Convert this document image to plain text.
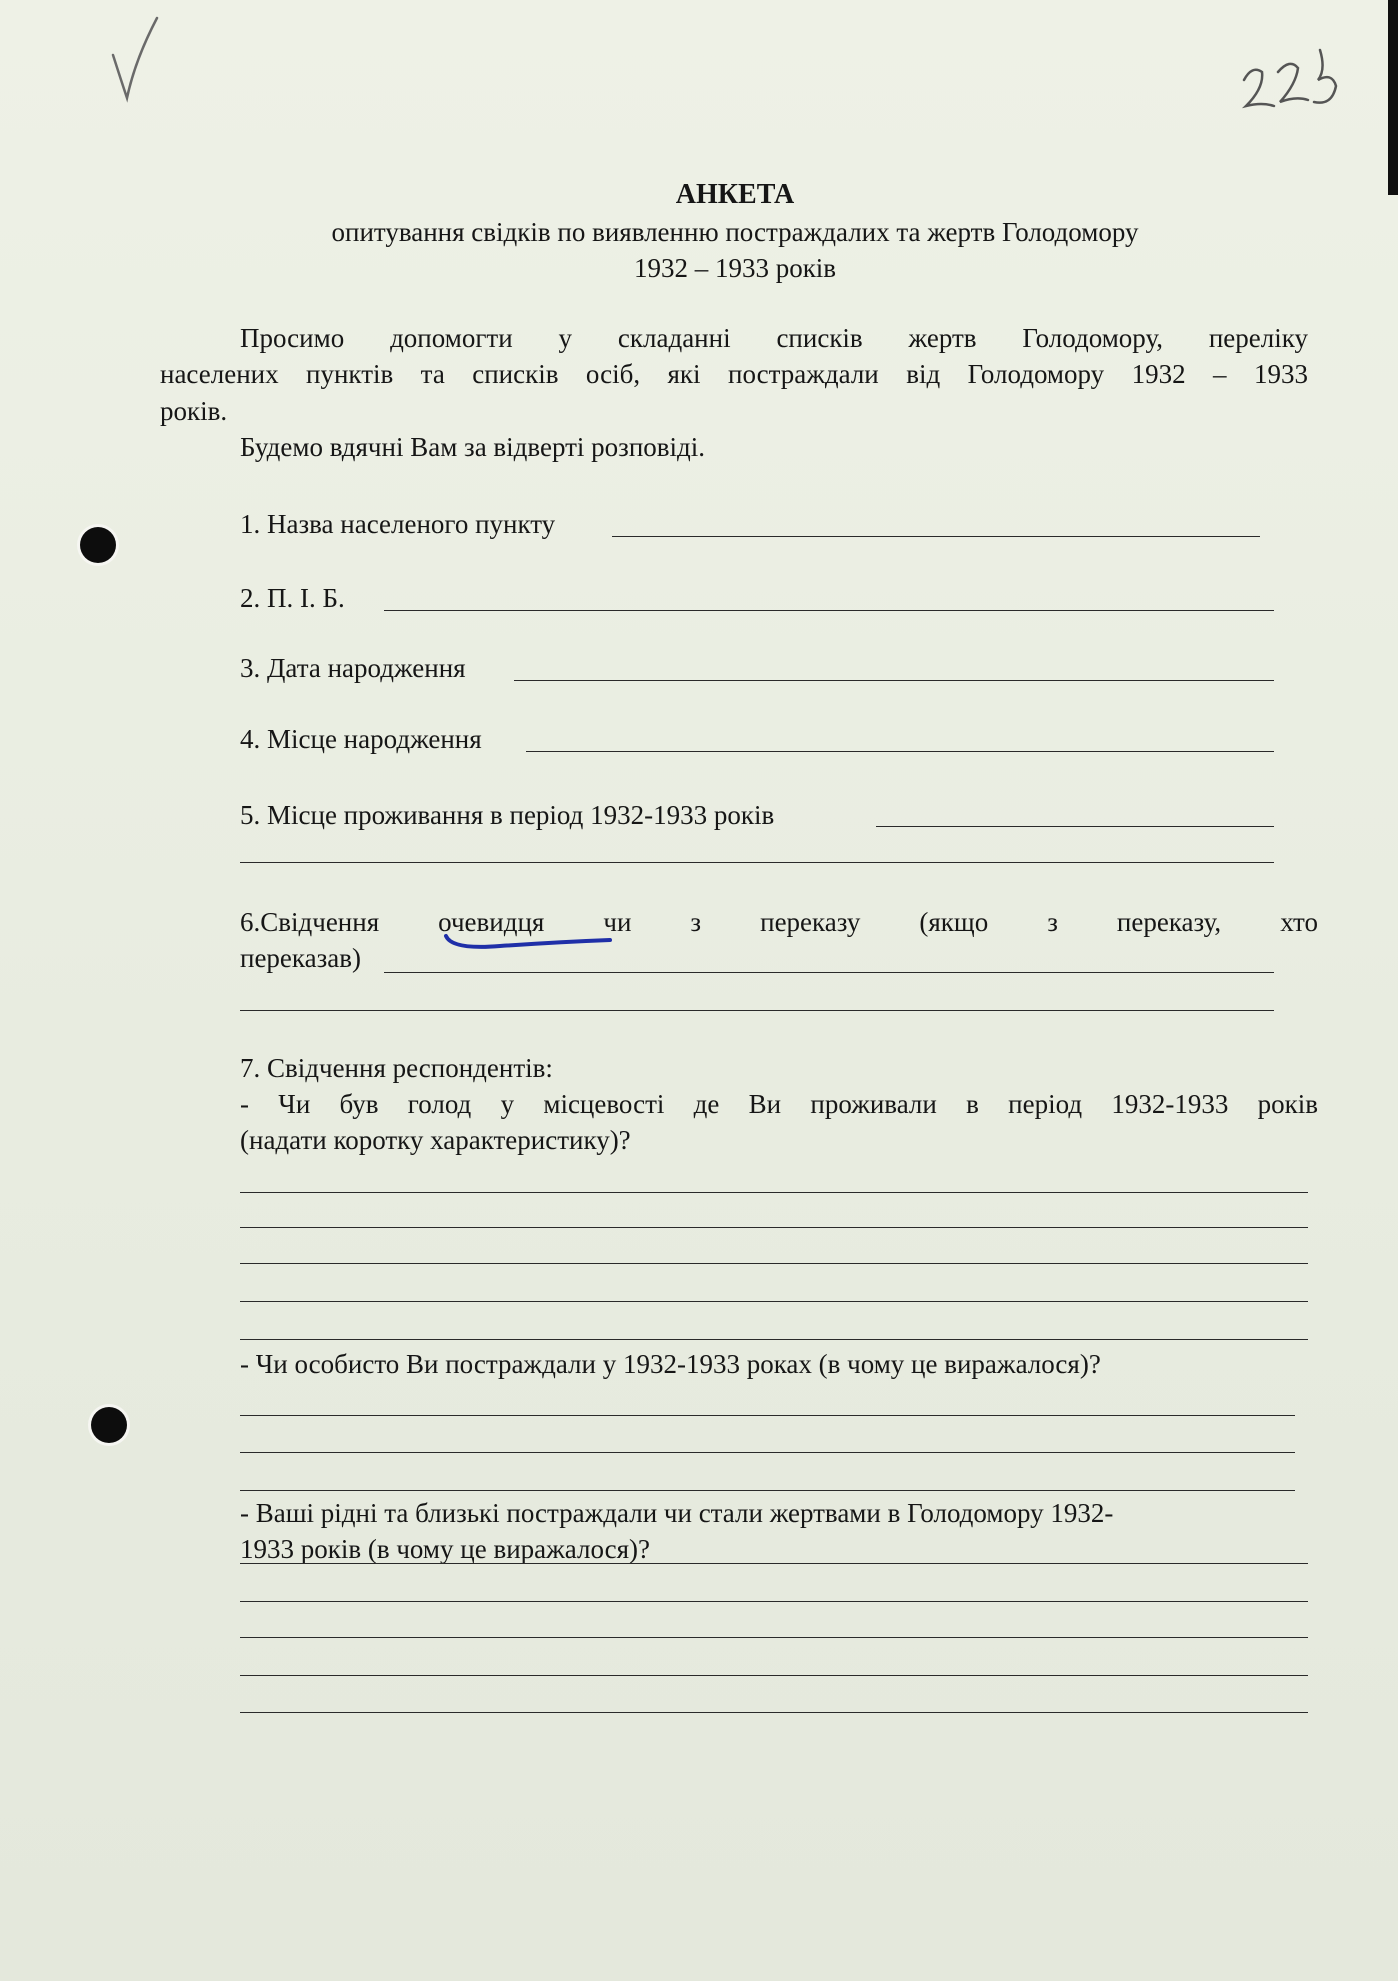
АНКЕТА
опитування свідків по виявленню постраждалих та жертв Голодомору
1932 – 1933 років
Просимо допомогти у складанні списків жертв Голодомору, переліку
населених пунктів та списків осіб, які постраждали від Голодомору 1932 – 1933
років.
Будемо вдячні Вам за відверті розповіді.
1. Назва населеного пункту
2. П. І. Б.
3. Дата народження
4. Місце народження
5. Місце проживання в період 1932-1933 років
6.Свідчення очевидця чи з переказу (якщо з переказу, хто
переказав)
7. Свідчення респондентів:
- Чи був голод у місцевості де Ви проживали в період 1932-1933 років
(надати коротку характеристику)?
- Чи особисто Ви постраждали у 1932-1933 роках (в чому це виражалося)?
- Ваші рідні та близькі постраждали чи стали жертвами в Голодомору 1932-
1933 років (в чому це виражалося)?
